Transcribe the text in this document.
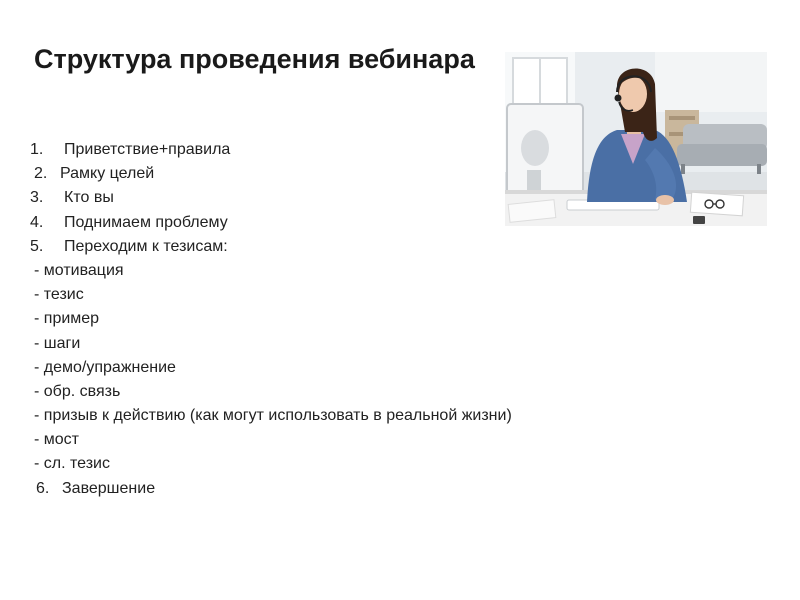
Структура проведения вебинара
1. Приветствие+правила
2. Рамку целей
3. Кто вы
4. Поднимаем проблему
5. Переходим к тезисам:
- мотивация
- тезис
- пример
- шаги
- демо/упражнение
- обр. связь
- призыв к действию (как могут использовать в реальной жизни)
- мост
- сл. тезис
6. Завершение
